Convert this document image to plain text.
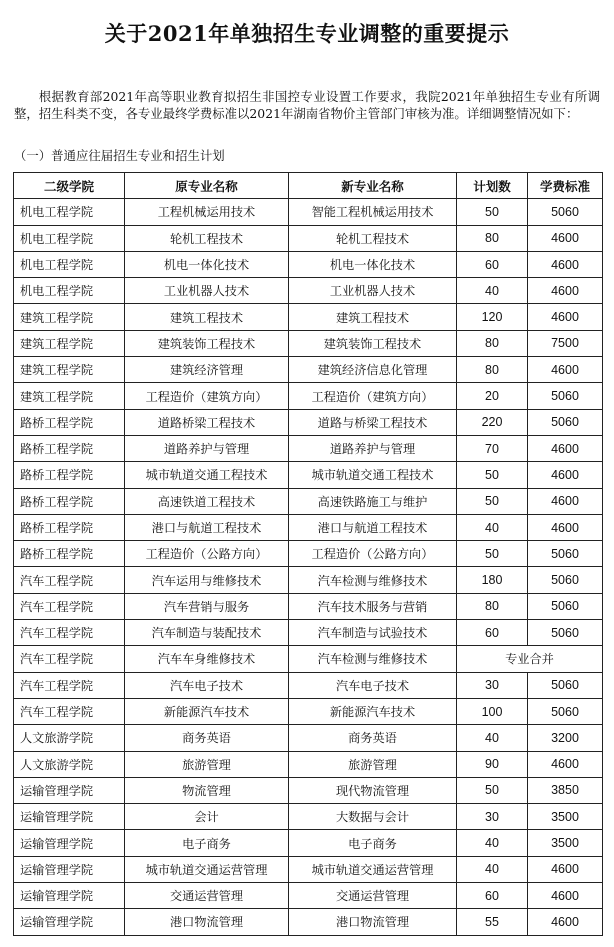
关于2021年单独招生专业调整的重要提示
根据教育部2021年高等职业教育拟招生非国控专业设置工作要求，我院2021年单独招生专业有所调整，招生科类不变，各专业最终学费标准以2021年湖南省物价主管部门审核为准。详细调整情况如下：
（一）普通应往届招生专业和招生计划
二级学院	原专业名称	新专业名称	计划数	学费标准
机电工程学院	工程机械运用技术	智能工程机械运用技术	50	5060
机电工程学院	轮机工程技术	轮机工程技术	80	4600
机电工程学院	机电一体化技术	机电一体化技术	60	4600
机电工程学院	工业机器人技术	工业机器人技术	40	4600
建筑工程学院	建筑工程技术	建筑工程技术	120	4600
建筑工程学院	建筑装饰工程技术	建筑装饰工程技术	80	7500
建筑工程学院	建筑经济管理	建筑经济信息化管理	80	4600
建筑工程学院	工程造价（建筑方向）	工程造价（建筑方向）	20	5060
路桥工程学院	道路桥梁工程技术	道路与桥梁工程技术	220	5060
路桥工程学院	道路养护与管理	道路养护与管理	70	4600
路桥工程学院	城市轨道交通工程技术	城市轨道交通工程技术	50	4600
路桥工程学院	高速铁道工程技术	高速铁路施工与维护	50	4600
路桥工程学院	港口与航道工程技术	港口与航道工程技术	40	4600
路桥工程学院	工程造价（公路方向）	工程造价（公路方向）	50	5060
汽车工程学院	汽车运用与维修技术	汽车检测与维修技术	180	5060
汽车工程学院	汽车营销与服务	汽车技术服务与营销	80	5060
汽车工程学院	汽车制造与装配技术	汽车制造与试验技术	60	5060
汽车工程学院	汽车车身维修技术	汽车检测与维修技术	专业合并	
汽车工程学院	汽车电子技术	汽车电子技术	30	5060
汽车工程学院	新能源汽车技术	新能源汽车技术	100	5060
人文旅游学院	商务英语	商务英语	40	3200
人文旅游学院	旅游管理	旅游管理	90	4600
运输管理学院	物流管理	现代物流管理	50	3850
运输管理学院	会计	大数据与会计	30	3500
运输管理学院	电子商务	电子商务	40	3500
运输管理学院	城市轨道交通运营管理	城市轨道交通运营管理	40	4600
运输管理学院	交通运营管理	交通运营管理	60	4600
运输管理学院	港口物流管理	港口物流管理	55	4600
